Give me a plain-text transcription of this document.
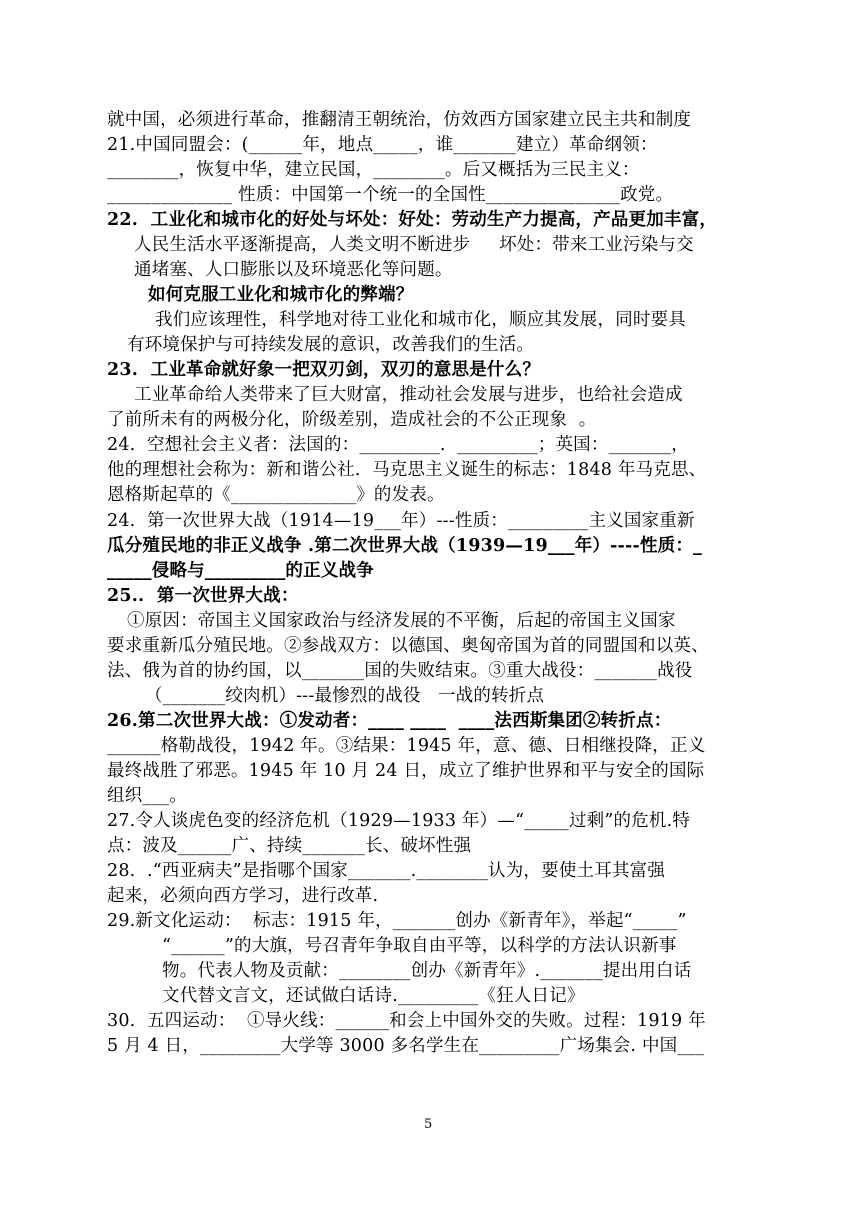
就中国，必须进行革命，推翻清王朝统治，仿效西方国家建立民主共和制度
21.中国同盟会：(______年，地点_____，谁_______建立）革命纲领：
________，恢复中华，建立民国，________。后又概括为三民主义：
______________ 性质：中国第一个统一的全国性_______________政党。
22.  工业化和城市化的好处与坏处：好处：劳动生产力提高，产品更加丰富，
人民生活水平逐渐提高，人类文明不断进步     坏处：带来工业污染与交
通堵塞、人口膨胀以及环境恶化等问题。
如何克服工业化和城市化的弊端？
我们应该理性，科学地对待工业化和城市化，顺应其发展，同时要具
有环境保护与可持续发展的意识，改善我们的生活。
23.  工业革命就好象一把双刃剑，双刃的意思是什么？
工业革命给人类带来了巨大财富，推动社会发展与进步，也给社会造成
了前所未有的两极分化，阶级差别，造成社会的不公正现象  。
24.  空想社会主义者：法国的：_________.  _________；英国：_______，
他的理想社会称为：新和谐公社.  马克思主义诞生的标志：1848 年马克思、
恩格斯起草的《______________》的发表。
24.  第一次世界大战（1914—19___年）---性质：_________主义国家重新
瓜分殖民地的非正义战争 .第二次世界大战（1939—19___年）----性质：_
_____侵略与_________的正义战争
25..  第一次世界大战：
①原因：帝国主义国家政治与经济发展的不平衡，后起的帝国主义国家
要求重新瓜分殖民地。②参战双方：以德国、奥匈帝国为首的同盟国和以英、
法、俄为首的协约国，以_______国的失败结束。③重大战役：_______战役
（_______绞肉机）---最惨烈的战役   一战的转折点
26.第二次世界大战：①发动者：____ ____  ____法西斯集团②转折点：
______格勒战役，1942 年。③结果：1945 年，意、德、日相继投降，正义
最终战胜了邪恶。1945 年 10 月 24 日，成立了维护世界和平与安全的国际
组织___。
27.令人谈虎色变的经济危机（1929—1933 年）—“_____过剩”的危机.特
点：波及______广、持续_______长、破坏性强
28.  .“西亚病夫”是指哪个国家_______.________认为，要使土耳其富强
起来，必须向西方学习，进行改革.
29.新文化运动：  标志：1915 年，_______创办《新青年》，举起“_____”
“______”的大旗，号召青年争取自由平等，以科学的方法认识新事
物。代表人物及贡献：________创办《新青年》._______提出用白话
文代替文言文，还试做白话诗._________《狂人日记》
30.  五四运动：  ①导火线：______和会上中国外交的失败。过程：1919 年
5 月 4 日，_________大学等 3000 多名学生在_________广场集会. 中国___
5
